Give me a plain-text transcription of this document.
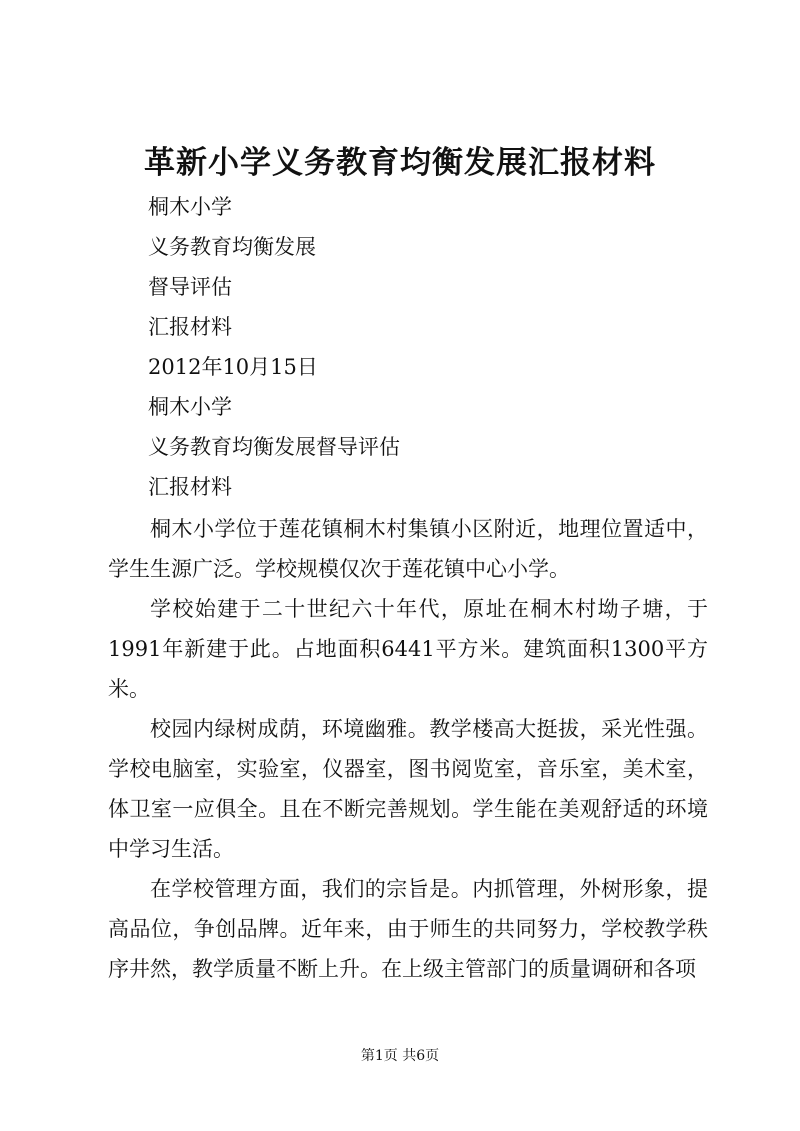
革新小学义务教育均衡发展汇报材料
桐木小学
义务教育均衡发展
督导评估
汇报材料
2012年10月15日
桐木小学
义务教育均衡发展督导评估
汇报材料

桐木小学位于莲花镇桐木村集镇小区附近，地理位置适中，学生生源广泛。学校规模仅次于莲花镇中心小学。

学校始建于二十世纪六十年代，原址在桐木村坳子塘，于1991年新建于此。占地面积6441平方米。建筑面积1300平方米。

校园内绿树成荫，环境幽雅。教学楼高大挺拔，采光性强。学校电脑室，实验室，仪器室，图书阅览室，音乐室，美术室，体卫室一应俱全。且在不断完善规划。学生能在美观舒适的环境中学习生活。

在学校管理方面，我们的宗旨是。内抓管理，外树形象，提高品位，争创品牌。近年来，由于师生的共同努力，学校教学秩序井然，教学质量不断上升。在上级主管部门的质量调研和各项

第1页 共6页
